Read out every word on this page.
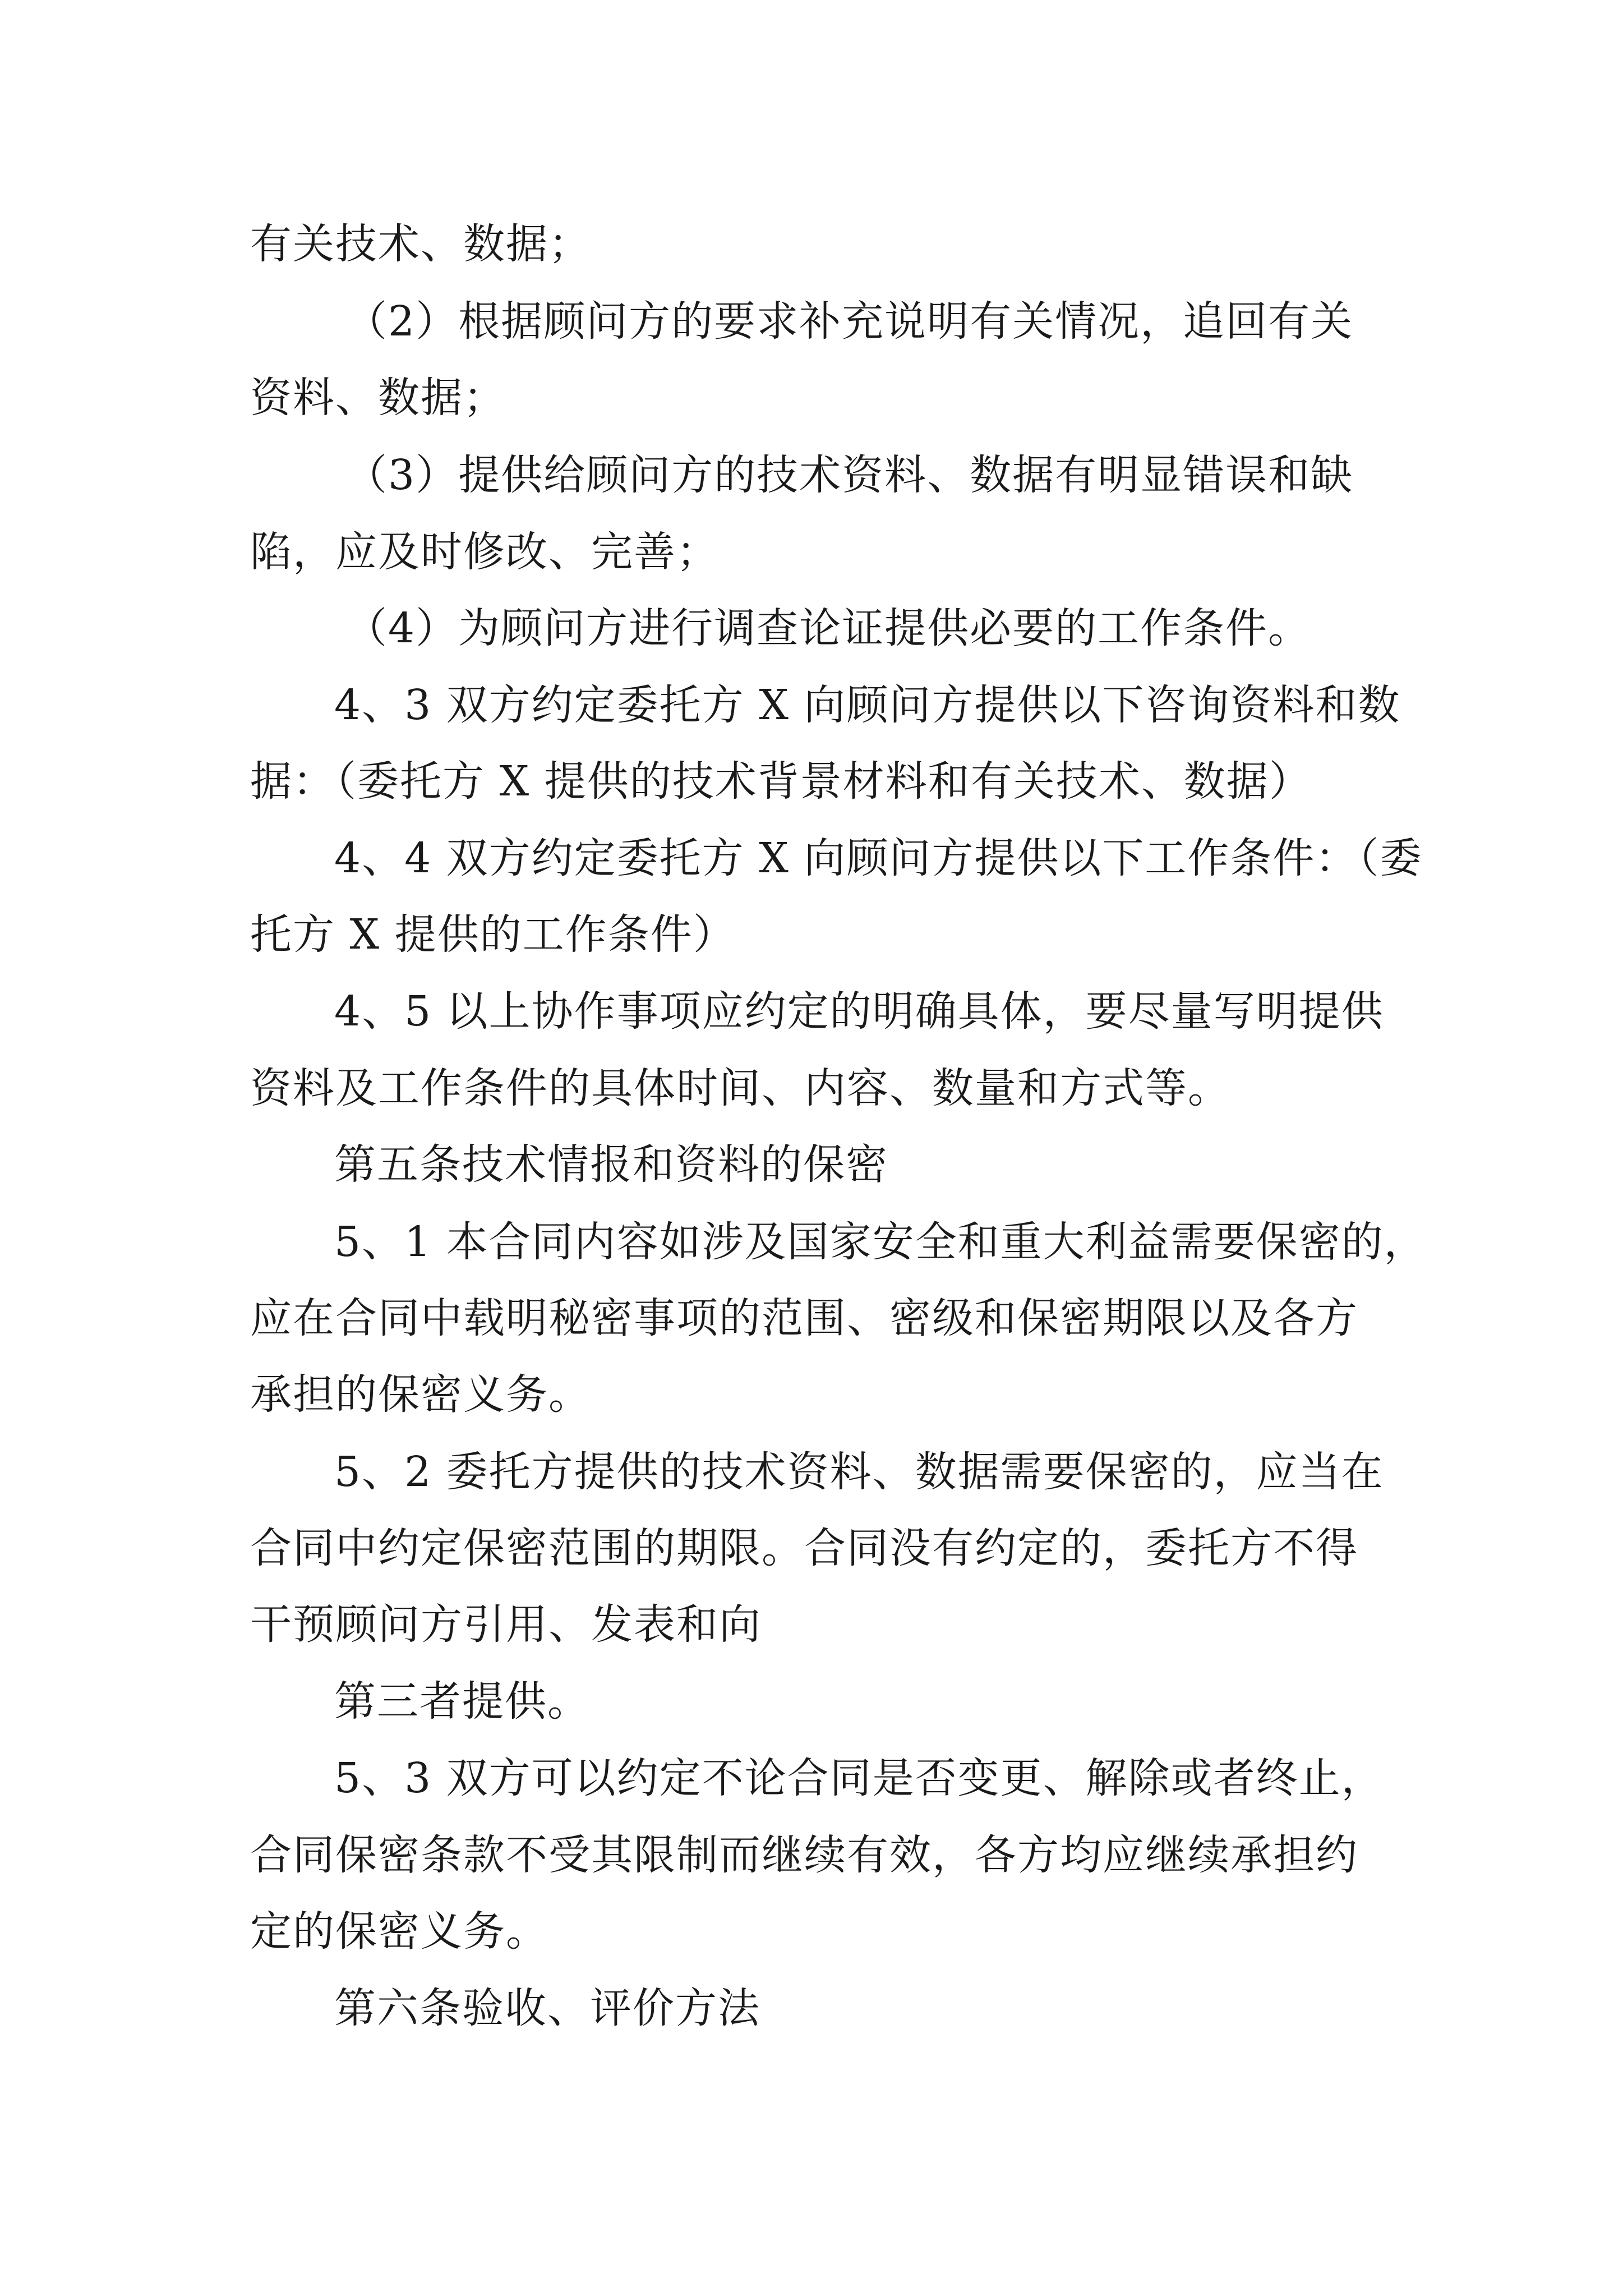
有关技术、数据；
（2）根据顾问方的要求补充说明有关情况，追回有关
资料、数据；
（3）提供给顾问方的技术资料、数据有明显错误和缺
陷，应及时修改、完善；
（4）为顾问方进行调查论证提供必要的工作条件。
4、3 双方约定委托方 X 向顾问方提供以下咨询资料和数
据：（委托方 X 提供的技术背景材料和有关技术、数据）
4、4 双方约定委托方 X 向顾问方提供以下工作条件：（委
托方 X 提供的工作条件）
4、5 以上协作事项应约定的明确具体，要尽量写明提供
资料及工作条件的具体时间、内容、数量和方式等。
第五条技术情报和资料的保密
5、1 本合同内容如涉及国家安全和重大利益需要保密的，
应在合同中载明秘密事项的范围、密级和保密期限以及各方
承担的保密义务。
5、2 委托方提供的技术资料、数据需要保密的，应当在
合同中约定保密范围的期限。合同没有约定的，委托方不得
干预顾问方引用、发表和向
第三者提供。
5、3 双方可以约定不论合同是否变更、解除或者终止，
合同保密条款不受其限制而继续有效，各方均应继续承担约
定的保密义务。
第六条验收、评价方法
